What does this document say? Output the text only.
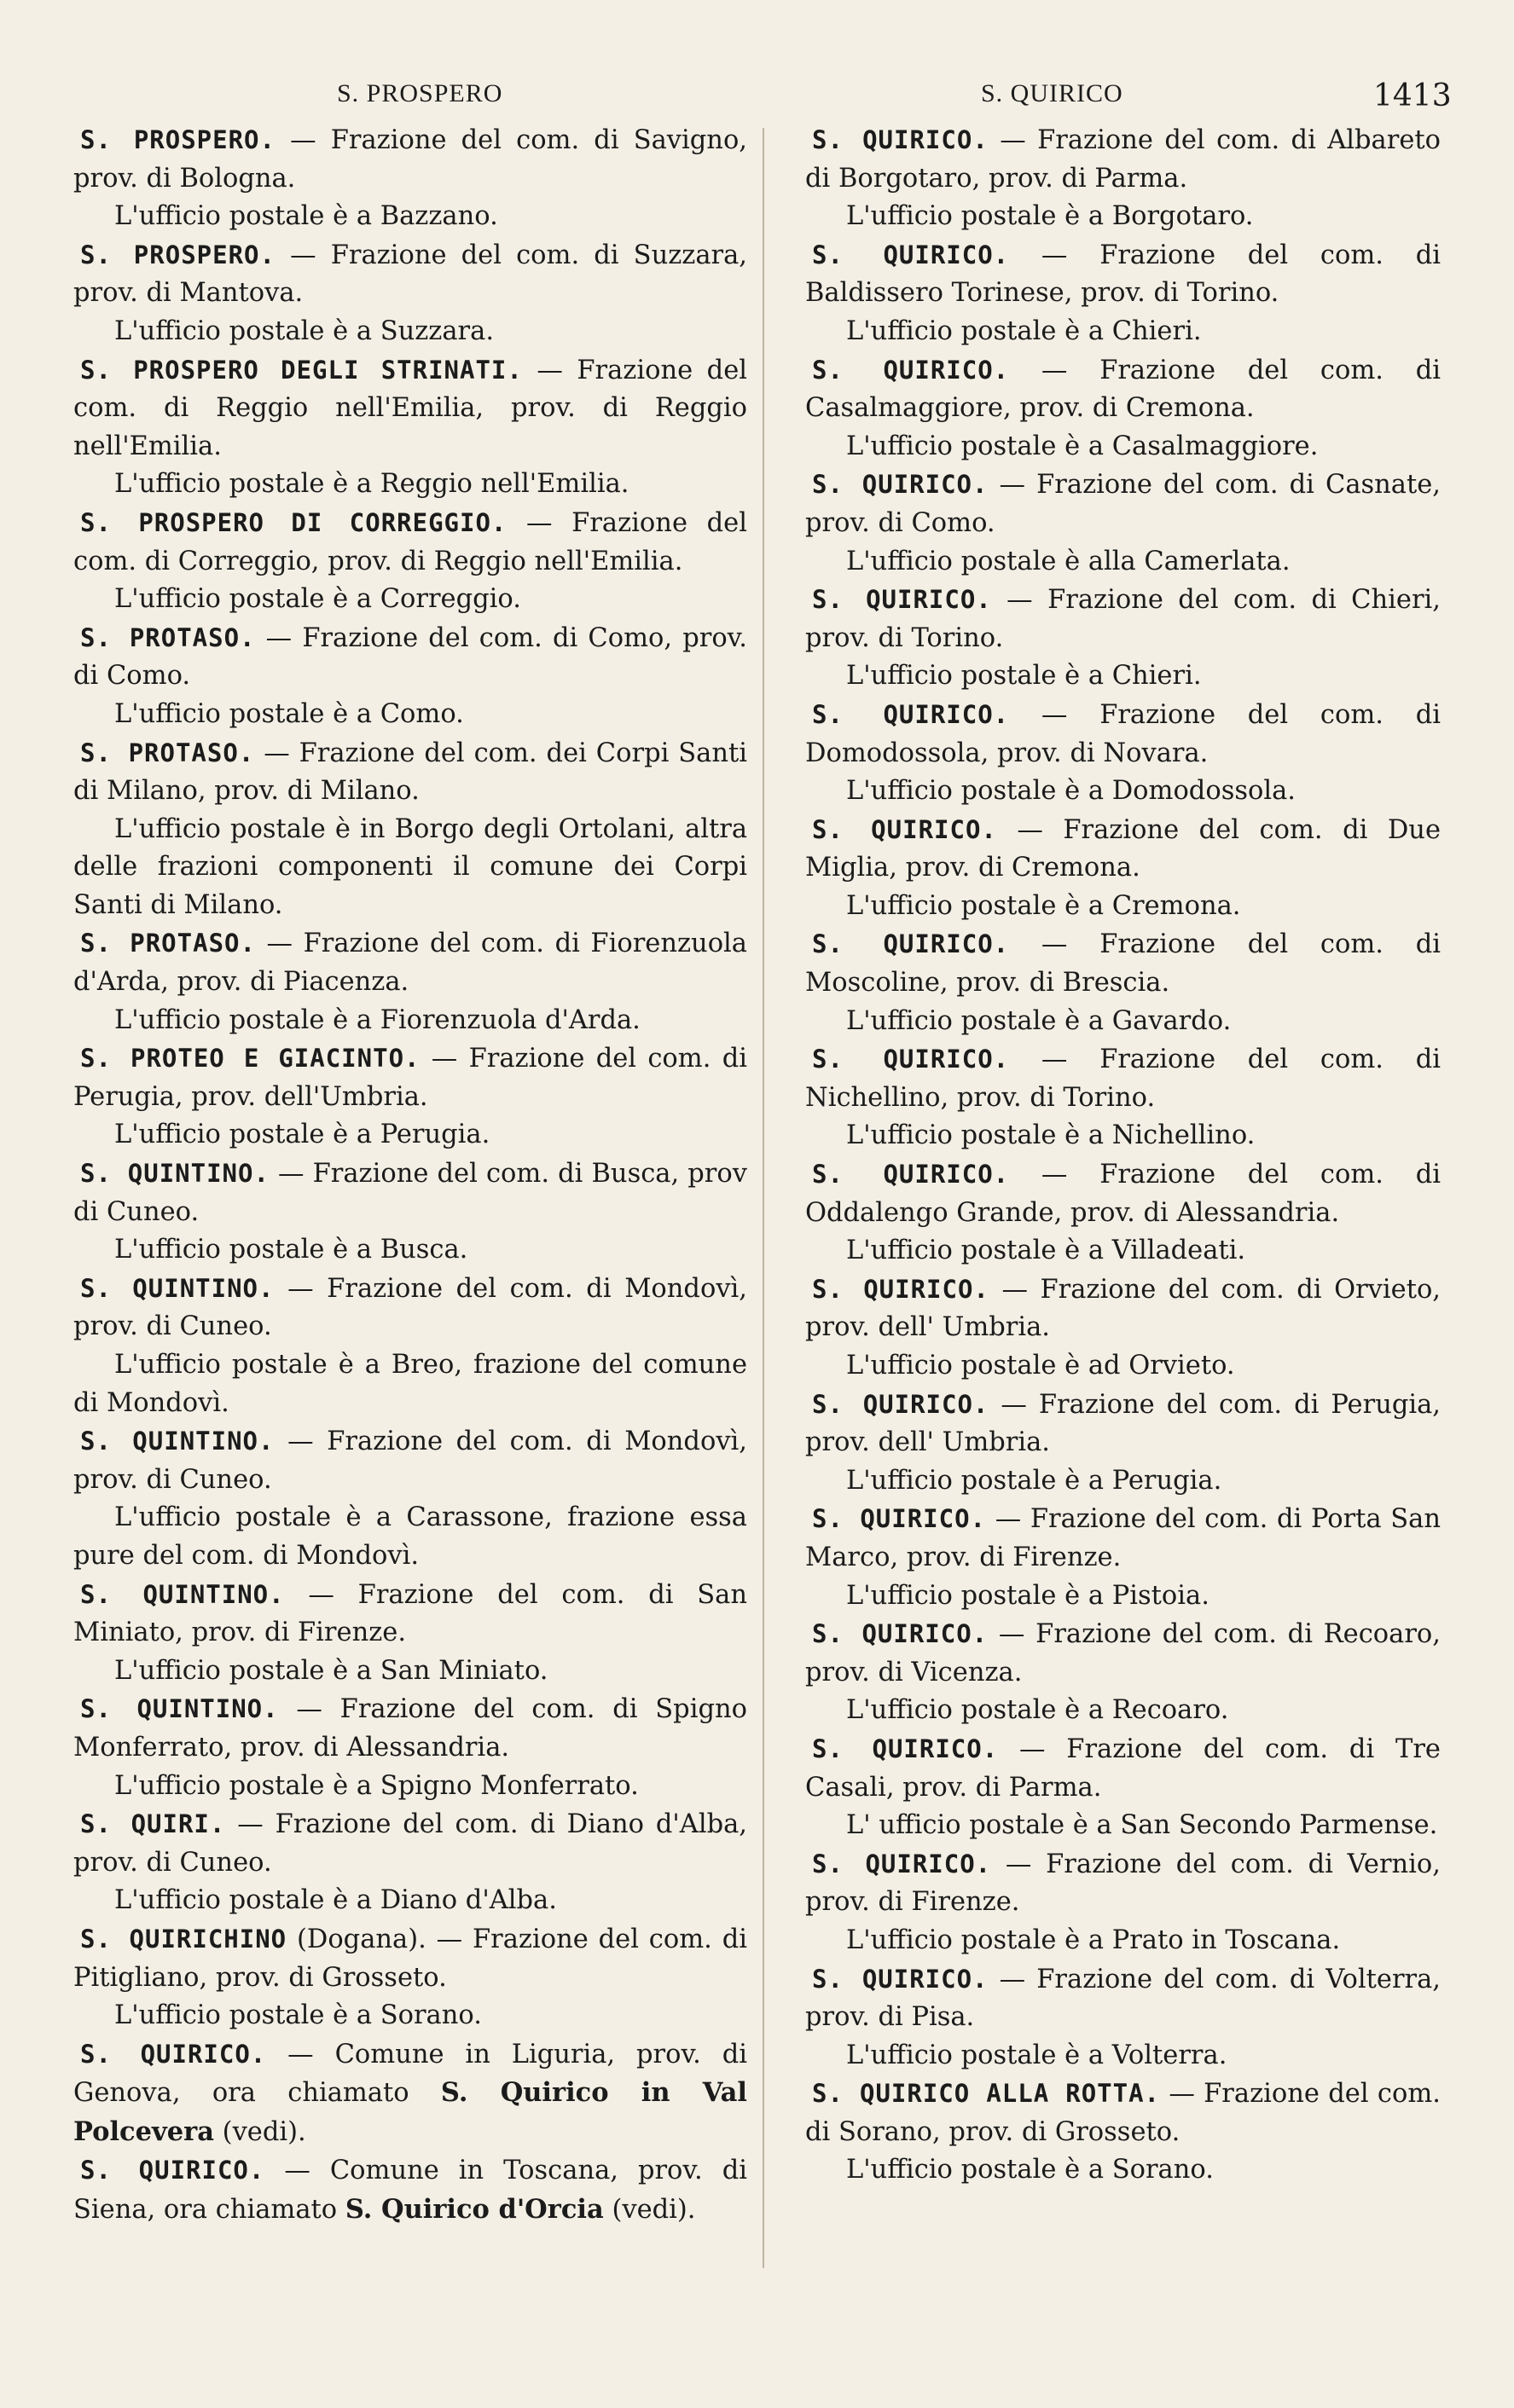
S. PROSPERO	S. QUIRICO	1413

S. PROSPERO. — Frazione del com. di Savigno, prov. di Bologna.

L'ufficio postale è a Bazzano.

S. PROSPERO. — Frazione del com. di Suzzara, prov. di Mantova.

L'ufficio postale è a Suzzara.

S. PROSPERO DEGLI STRINATI. — Frazione del com. di Reggio nell'Emilia, prov. di Reggio nell'Emilia.

L'ufficio postale è a Reggio nell'Emilia.

S. PROSPERO DI CORREGGIO. — Frazione del com. di Correggio, prov. di Reggio nell'Emilia.

L'ufficio postale è a Correggio.

S. PROTASO. — Frazione del com. di Como, prov. di Como.

L'ufficio postale è a Como.

S. PROTASO. — Frazione del com. dei Corpi Santi di Milano, prov. di Milano.

L'ufficio postale è in Borgo degli Ortolani, altra delle frazioni componenti il comune dei Corpi Santi di Milano.

S. PROTASO. — Frazione del com. di Fiorenzuola d'Arda, prov. di Piacenza.

L'ufficio postale è a Fiorenzuola d'Arda.

S. PROTEO E GIACINTO. — Frazione del com. di Perugia, prov. dell'Umbria.

L'ufficio postale è a Perugia.

S. QUINTINO. — Frazione del com. di Busca, prov di Cuneo.

L'ufficio postale è a Busca.

S. QUINTINO. — Frazione del com. di Mondovì, prov. di Cuneo.

L'ufficio postale è a Breo, frazione del comune di Mondovì.

S. QUINTINO. — Frazione del com. di Mondovì, prov. di Cuneo.

L'ufficio postale è a Carassone, frazione essa pure del com. di Mondovì.

S. QUINTINO. — Frazione del com. di San Miniato, prov. di Firenze.

L'ufficio postale è a San Miniato.

S. QUINTINO. — Frazione del com. di Spigno Monferrato, prov. di Alessandria.

L'ufficio postale è a Spigno Monferrato.

S. QUIRI. — Frazione del com. di Diano d'Alba, prov. di Cuneo.

L'ufficio postale è a Diano d'Alba.

S. QUIRICHINO (Dogana). — Frazione del com. di Pitigliano, prov. di Grosseto.

L'ufficio postale è a Sorano.

S. QUIRICO. — Comune in Liguria, prov. di Genova, ora chiamato S. Quirico in Val Polcevera (vedi).

S. QUIRICO. — Comune in Toscana, prov. di Siena, ora chiamato S. Quirico d'Orcia (vedi).

S. QUIRICO. — Frazione del com. di Albareto di Borgotaro, prov. di Parma.

L'ufficio postale è a Borgotaro.

S. QUIRICO. — Frazione del com. di Baldissero Torinese, prov. di Torino.

L'ufficio postale è a Chieri.

S. QUIRICO. — Frazione del com. di Casalmaggiore, prov. di Cremona.

L'ufficio postale è a Casalmaggiore.

S. QUIRICO. — Frazione del com. di Casnate, prov. di Como.

L'ufficio postale è alla Camerlata.

S. QUIRICO. — Frazione del com. di Chieri, prov. di Torino.

L'ufficio postale è a Chieri.

S. QUIRICO. — Frazione del com. di Domodossola, prov. di Novara.

L'ufficio postale è a Domodossola.

S. QUIRICO. — Frazione del com. di Due Miglia, prov. di Cremona.

L'ufficio postale è a Cremona.

S. QUIRICO. — Frazione del com. di Moscoline, prov. di Brescia.

L'ufficio postale è a Gavardo.

S. QUIRICO. — Frazione del com. di Nichellino, prov. di Torino.

L'ufficio postale è a Nichellino.

S. QUIRICO. — Frazione del com. di Oddalengo Grande, prov. di Alessandria.

L'ufficio postale è a Villadeati.

S. QUIRICO. — Frazione del com. di Orvieto, prov. dell' Umbria.

L'ufficio postale è ad Orvieto.

S. QUIRICO. — Frazione del com. di Perugia, prov. dell' Umbria.

L'ufficio postale è a Perugia.

S. QUIRICO. — Frazione del com. di Porta San Marco, prov. di Firenze.

L'ufficio postale è a Pistoia.

S. QUIRICO. — Frazione del com. di Recoaro, prov. di Vicenza.

L'ufficio postale è a Recoaro.

S. QUIRICO. — Frazione del com. di Tre Casali, prov. di Parma.

L' ufficio postale è a San Secondo Parmense.

S. QUIRICO. — Frazione del com. di Vernio, prov. di Firenze.

L'ufficio postale è a Prato in Toscana.

S. QUIRICO. — Frazione del com. di Volterra, prov. di Pisa.

L'ufficio postale è a Volterra.

S. QUIRICO ALLA ROTTA. — Frazione del com. di Sorano, prov. di Grosseto.

L'ufficio postale è a Sorano.
